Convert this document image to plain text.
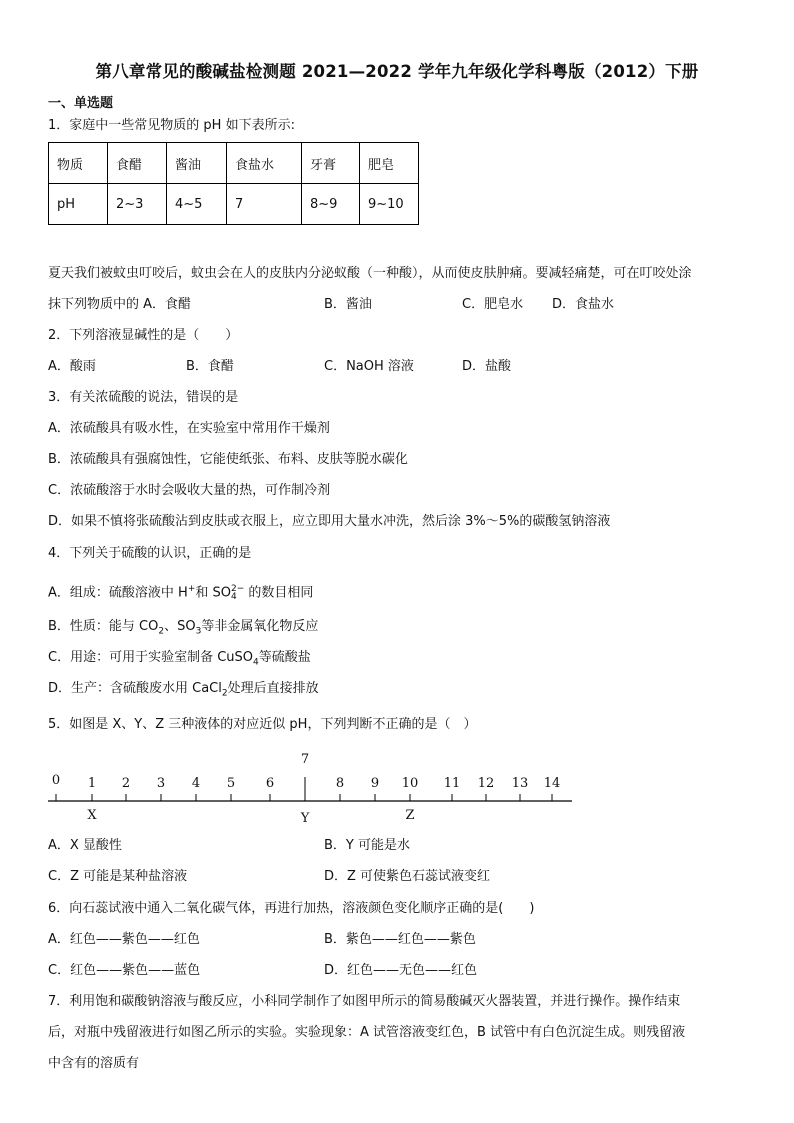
第八章常见的酸碱盐检测题 2021—2022 学年九年级化学科粤版（2012）下册
一、单选题
1．家庭中一些常见物质的 pH 如下表所示:
物质	食醋	酱油	食盐水	牙膏	肥皂
pH	2~3	4~5	7	8~9	9~10
夏天我们被蚊虫叮咬后，蚊虫会在人的皮肤内分泌蚁酸（一种酸），从而使皮肤肿痛。要减轻痛楚，可在叮咬处涂
抹下列物质中的 A．食醋	B．酱油	C．肥皂水 D．食盐水
2．下列溶液显碱性的是（　　）
A．酸雨	B．食醋	C．NaOH 溶液	D．盐酸
3．有关浓硫酸的说法，错误的是
A．浓硫酸具有吸水性，在实验室中常用作干燥剂
B．浓硫酸具有强腐蚀性，它能使纸张、布料、皮肤等脱水碳化
C．浓硫酸溶于水时会吸收大量的热，可作制冷剂
D．如果不慎将张硫酸沾到皮肤或衣服上，应立即用大量水冲洗，然后涂 3%～5%的碳酸氢钠溶液
4．下列关于硫酸的认识，正确的是
A．组成：硫酸溶液中 H+和 SO 2−
4 的数目相同
B．性质：能与 $CO_2$、$SO_3$等非金属氧化物反应
C．用途：可用于实验室制备 CuSO$_4$等硫酸盐
D．生产：含硫酸废水用 CaCl$_2$处理后直接排放
5．如图是 X、Y、Z 三种液体的对应近似 pH，下列判断不正确的是（　）
0 1 2 3 4 5 6
7
8 9 10 11 12 13 14
X	Y	Z
A．X 显酸性	B．Y 可能是水
C．Z 可能是某种盐溶液	D．Z 可使紫色石蕊试液变红
6．向石蕊试液中通入二氧化碳气体，再进行加热，溶液颜色变化顺序正确的是(　　)
A．红色——紫色——红色	B．紫色——红色——紫色
C．红色——紫色——蓝色	D．红色——无色——红色
7．利用饱和碳酸钠溶液与酸反应，小科同学制作了如图甲所示的简易酸碱灭火器装置，并进行操作。操作结束
后，对瓶中残留液进行如图乙所示的实验。实验现象：A 试管溶液变红色，B 试管中有白色沉淀生成。则残留液
中含有的溶质有
